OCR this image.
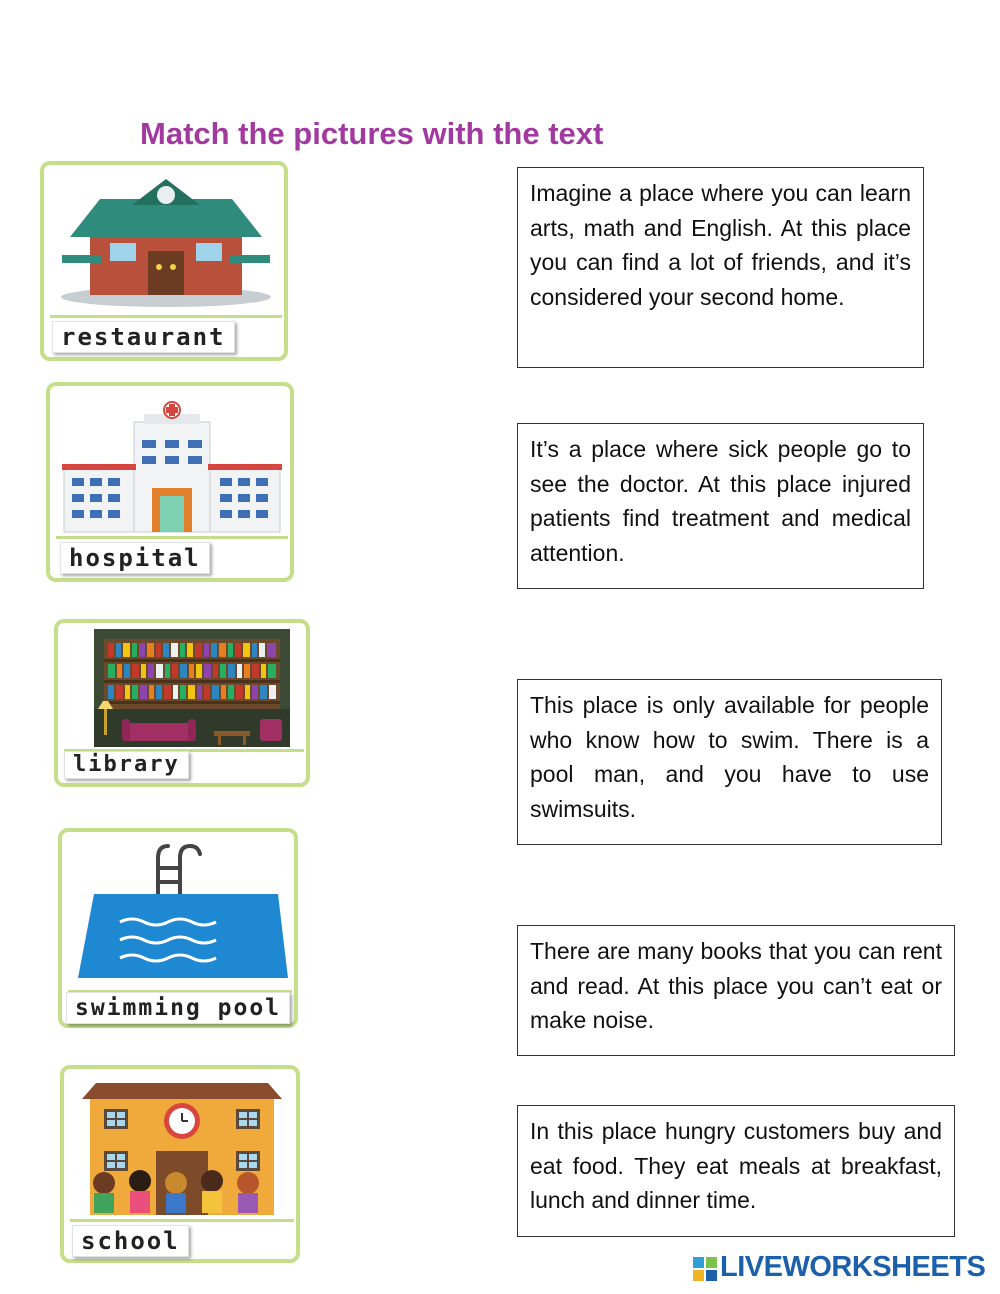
Match the pictures with the text
restaurant
hospital
library
swimming pool
school
Imagine a place where you can learn arts, math and English. At this place you can find a lot of friends, and it’s considered your second home.
It’s a place where sick people go to see the doctor. At this place injured patients find treatment and medical attention.
This place is only available for people who know how to swim. There is a pool man, and you have to use swimsuits.
There are many books that you can rent and read. At this place you can’t eat or make noise.
In this place hungry customers buy and eat food. They eat meals at breakfast, lunch and dinner time.
LIVEWORKSHEETS
